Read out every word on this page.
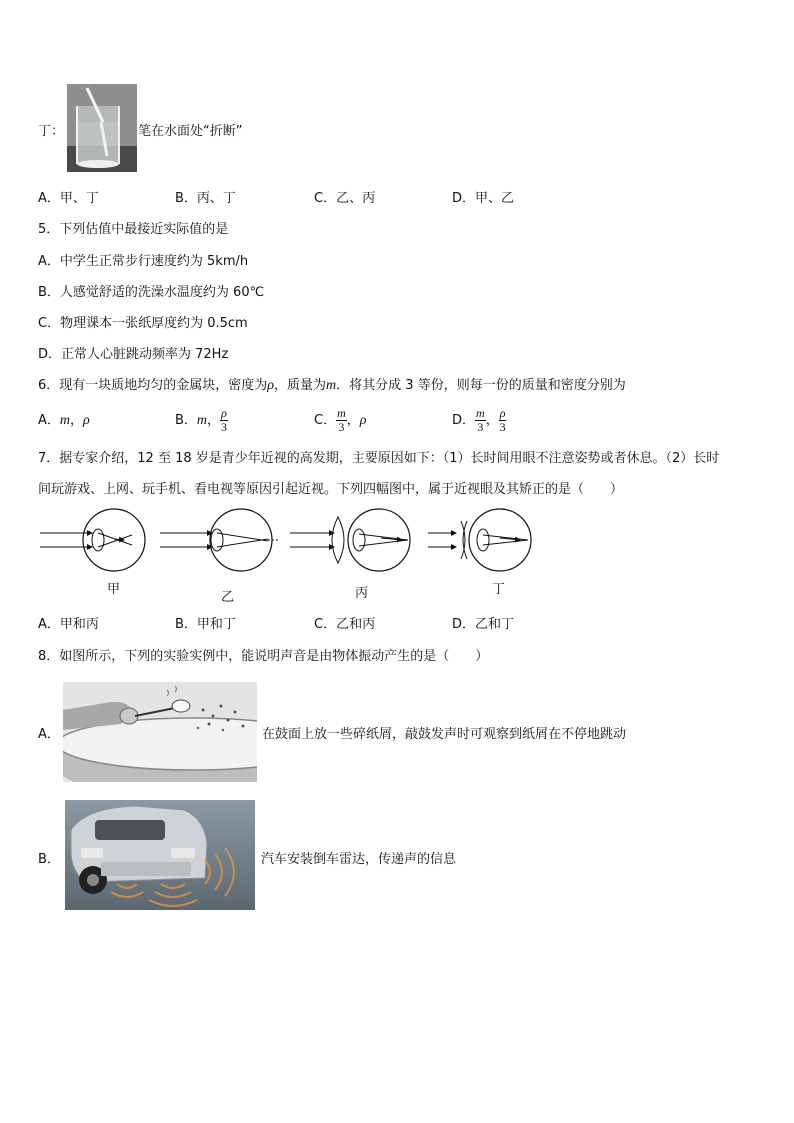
丁：	笔在水面处“折断”
A．甲、丁	B．丙、丁	C．乙、丙	D．甲、乙
5．下列估值中最接近实际值的是
A．中学生正常步行速度约为 5km/h
B．人感觉舒适的洗澡水温度约为 60℃
C．物理课本一张纸厚度约为 0.5cm
D．正常人心脏跳动频率为 72Hz
6．现有一块质地均匀的金属块，密度为ρ，质量为m．将其分成 3 等份，则每一份的质量和密度分别为
A．m，ρ	B．m， $\frac{\rho}{3}$	C． $\frac{m}{3}$ ，ρ	D． $\frac{m}{3}$ ， $\frac{\rho}{3}$
7．据专家介绍，12 至 18 岁是青少年近视的高发期，主要原因如下：（1）长时间用眼不注意姿势或者休息。（2）长时
间玩游戏、上网、玩手机、看电视等原因引起近视。下列四幅图中，属于近视眼及其矫正的是（　　）
甲
乙	丙	丁
A．甲和丙	B．甲和丁	C．乙和丙	D．乙和丁
8．如图所示，下列的实验实例中，能说明声音是由物体振动产生的是（　　）
A．	在鼓面上放一些碎纸屑，敲鼓发声时可观察到纸屑在不停地跳动
B．	汽车安装倒车雷达，传递声的信息
